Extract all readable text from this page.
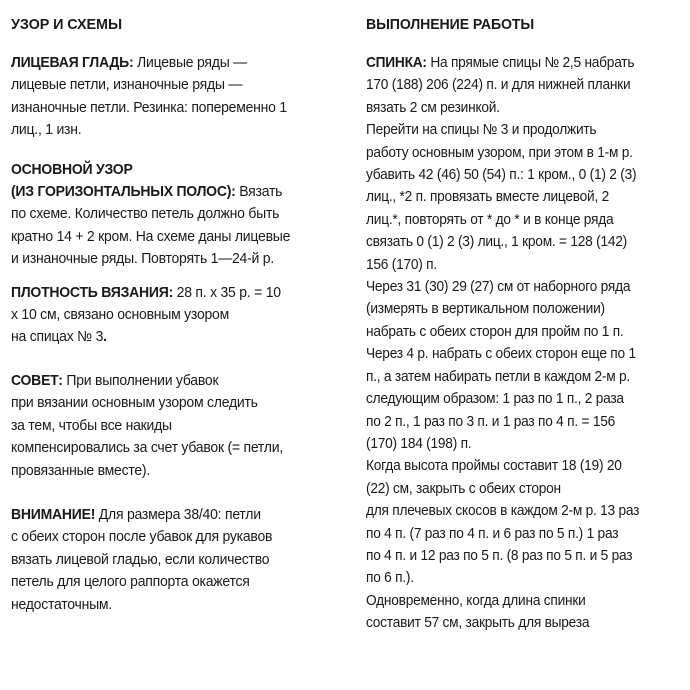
УЗОР И СХЕМЫ
ЛИЦЕВАЯ ГЛАДЬ: Лицевые ряды —
лицевые петли, изнаночные ряды —
изнаночные петли. Резинка: попеременно 1
лиц., 1 изн.
ОСНОВНОЙ УЗОР
(ИЗ ГОРИЗОНТАЛЬНЫХ ПОЛОС): Вязать
по схеме. Количество петель должно быть
кратно 14 + 2 кром. На схеме даны лицевые
и изнаночные ряды. Повторять 1—24-й р.
ПЛОТНОСТЬ ВЯЗАНИЯ: 28 п. х 35 р. = 10
х 10 см, связано основным узором
на спицах № 3.
СОВЕТ: При выполнении убавок
при вязании основным узором следить
за тем, чтобы все накиды
компенсировались за счет убавок (= петли,
провязанные вместе).
ВНИМАНИЕ! Для размера 38/40: петли
с обеих сторон после убавок для рукавов
вязать лицевой гладью, если количество
петель для целого раппорта окажется
недостаточным.
ВЫПОЛНЕНИЕ РАБОТЫ
СПИНКА: На прямые спицы № 2,5 набрать
170 (188) 206 (224) п. и для нижней планки
вязать 2 см резинкой.
Перейти на спицы № 3 и продолжить
работу основным узором, при этом в 1-м р.
убавить 42 (46) 50 (54) п.: 1 кром., 0 (1) 2 (3)
лиц., *2 п. провязать вместе лицевой, 2
лиц.*, повторять от * до * и в конце ряда
связать 0 (1) 2 (3) лиц., 1 кром. = 128 (142)
156 (170) п.
Через 31 (30) 29 (27) см от наборного ряда
(измерять в вертикальном положении)
набрать с обеих сторон для пройм по 1 п.
Через 4 р. набрать с обеих сторон еще по 1
п., а затем набирать петли в каждом 2-м р.
следующим образом: 1 раз по 1 п., 2 раза
по 2 п., 1 раз по 3 п. и 1 раз по 4 п. = 156
(170) 184 (198) п.
Когда высота проймы составит 18 (19) 20
(22) см, закрыть с обеих сторон
для плечевых скосов в каждом 2-м р. 13 раз
по 4 п. (7 раз по 4 п. и 6 раз по 5 п.) 1 раз
по 4 п. и 12 раз по 5 п. (8 раз по 5 п. и 5 раз
по 6 п.).
Одновременно, когда длина спинки
составит 57 см, закрыть для выреза
